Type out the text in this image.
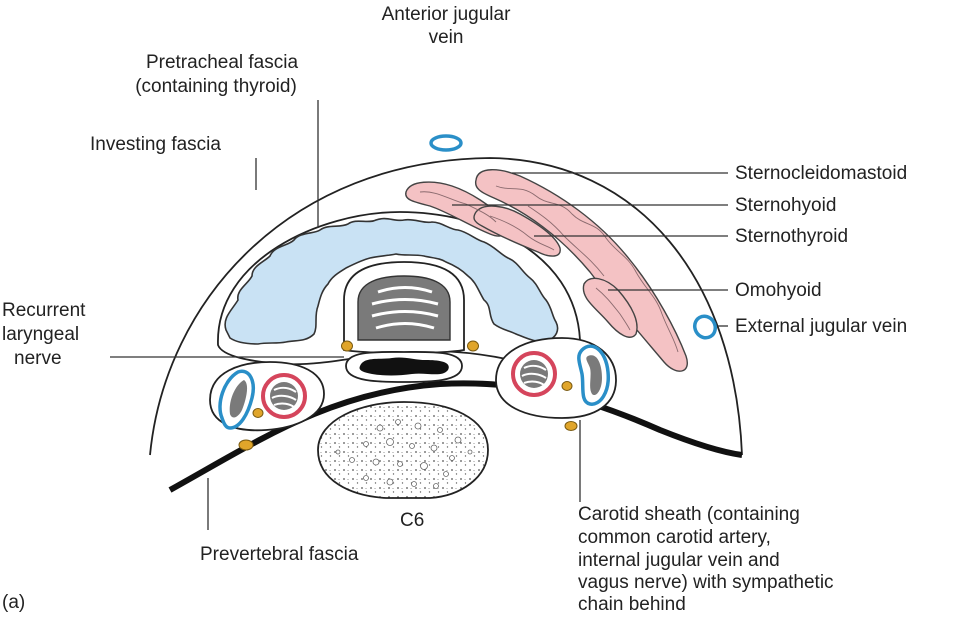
Anterior jugular
vein
Pretracheal fascia
(containing thyroid)
Investing fascia
Recurrent
laryngeal
nerve
Sternocleidomastoid
Sternohyoid
Sternothyroid
Omohyoid
External jugular vein
Carotid sheath (containing
common carotid artery,
internal jugular vein and
vagus nerve) with sympathetic
chain behind
C6
Prevertebral fascia
(a)
